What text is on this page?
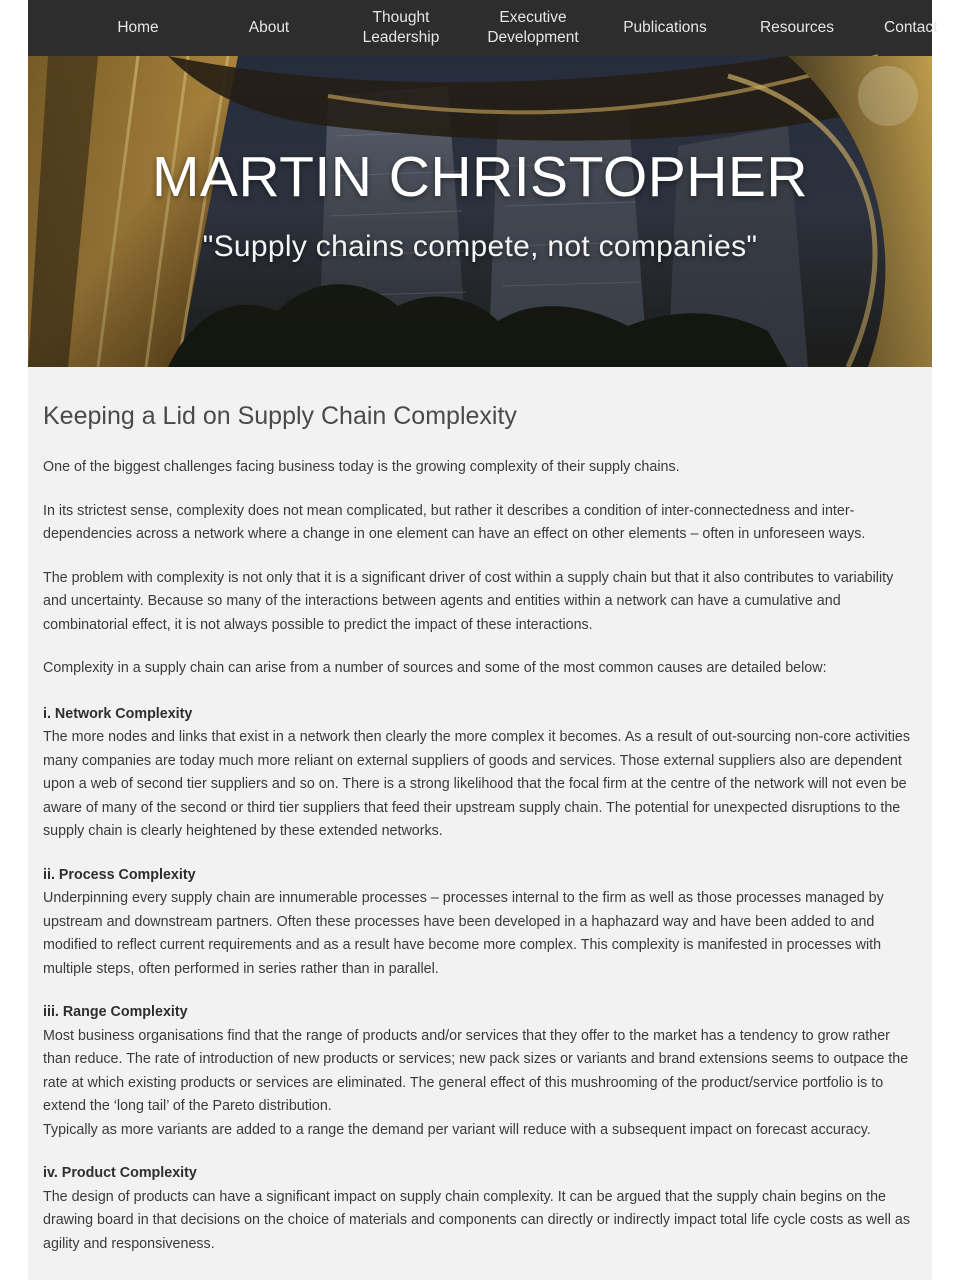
Home	About
Thought
Leadership
Executive
Development
Publications	Resources	Contact
MARTIN CHRISTOPHER
"Supply chains compete, not companies"
Keeping a Lid on Supply Chain Complexity

One of the biggest challenges facing business today is the growing complexity of their supply chains.

In its strictest sense, complexity does not mean complicated, but rather it describes a condition of inter-connectedness and inter-dependencies across a network where a change in one element can have an effect on other elements – often in unforeseen ways.

The problem with complexity is not only that it is a significant driver of cost within a supply chain but that it also contributes to variability and uncertainty. Because so many of the interactions between agents and entities within a network can have a cumulative and combinatorial effect, it is not always possible to predict the impact of these interactions.

Complexity in a supply chain can arise from a number of sources and some of the most common causes are detailed below:

i. Network Complexity

The more nodes and links that exist in a network then clearly the more complex it becomes. As a result of out-sourcing non-core activities many companies are today much more reliant on external suppliers of goods and services. Those external suppliers also are dependent upon a web of second tier suppliers and so on. There is a strong likelihood that the focal firm at the centre of the network will not even be aware of many of the second or third tier suppliers that feed their upstream supply chain. The potential for unexpected disruptions to the supply chain is clearly heightened by these extended networks.

ii. Process Complexity

Underpinning every supply chain are innumerable processes – processes internal to the firm as well as those processes managed by upstream and downstream partners. Often these processes have been developed in a haphazard way and have been added to and modified to reflect current requirements and as a result have become more complex. This complexity is manifested in processes with multiple steps, often performed in series rather than in parallel.

iii. Range Complexity

Most business organisations find that the range of products and/or services that they offer to the market has a tendency to grow rather than reduce. The rate of introduction of new products or services; new pack sizes or variants and brand extensions seems to outpace the rate at which existing products or services are eliminated. The general effect of this mushrooming of the product/service portfolio is to extend the ‘long tail’ of the Pareto distribution.

Typically as more variants are added to a range the demand per variant will reduce with a subsequent impact on forecast accuracy.

iv. Product Complexity

The design of products can have a significant impact on supply chain complexity. It can be argued that the supply chain begins on the drawing board in that decisions on the choice of materials and components can directly or indirectly impact total life cycle costs as well as agility and responsiveness.
